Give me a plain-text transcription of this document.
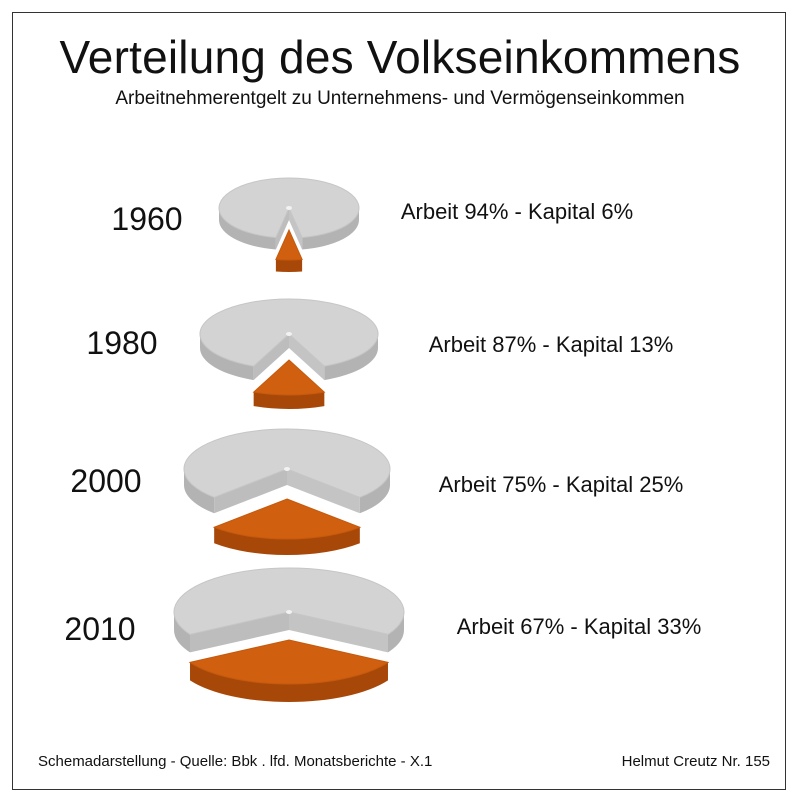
Verteilung des Volkseinkommens
Arbeitnehmerentgelt zu Unternehmens- und Vermögenseinkommen
1960	Arbeit 94% - Kapital 6%
1980	Arbeit 87% - Kapital 13%
2000	Arbeit 75% - Kapital 25%
2010	Arbeit 67% - Kapital 33%
Schemadarstellung - Quelle: Bbk . lfd. Monatsberichte - X.1	Helmut Creutz Nr. 155
